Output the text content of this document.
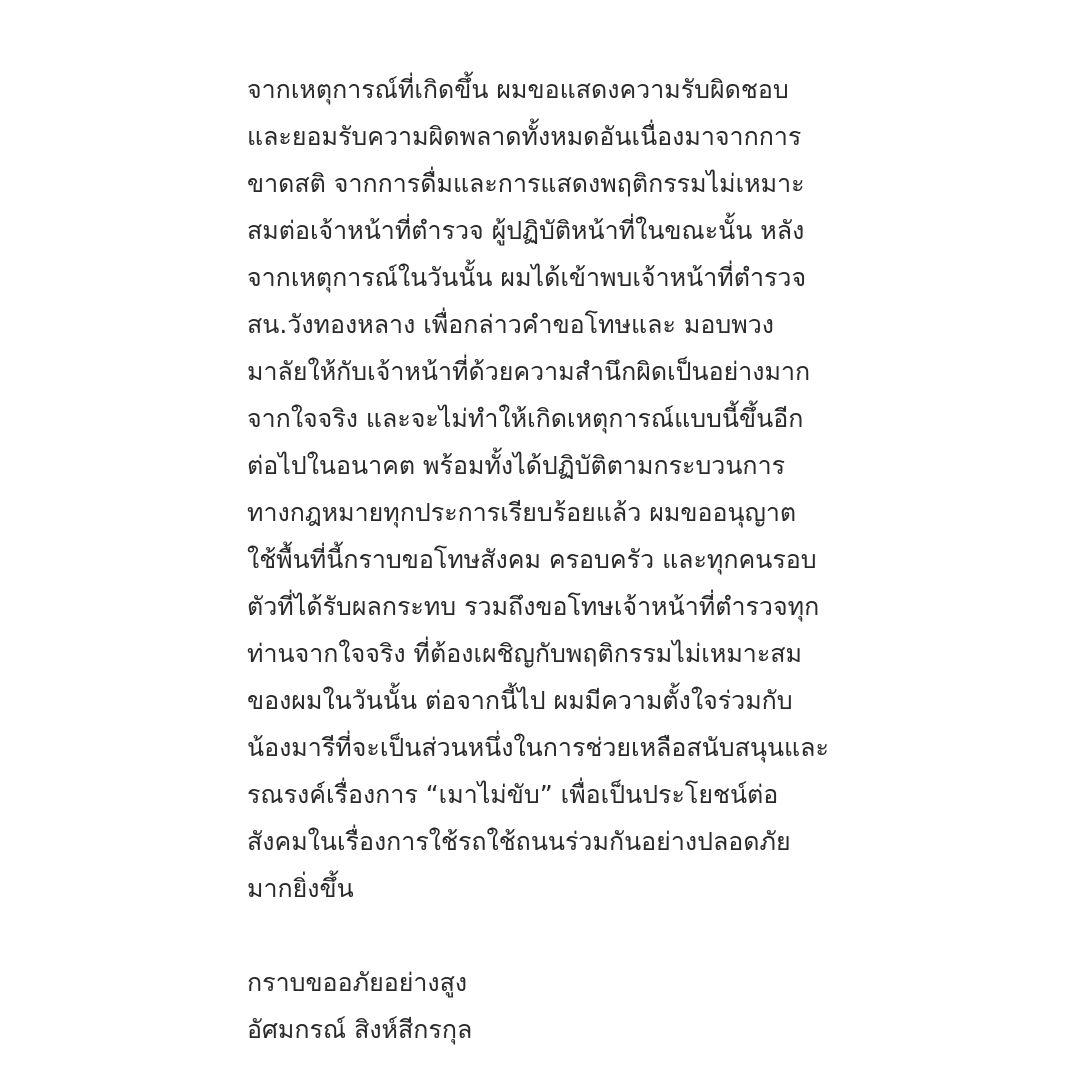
จากเหตุการณ์ที่เกิดขึ้น ผมขอแสดงความรับผิดชอบ
และยอมรับความผิดพลาดทั้งหมดอันเนื่องมาจากการ
ขาดสติ จากการดื่มและการแสดงพฤติกรรมไม่เหมาะ
สมต่อเจ้าหน้าที่ตำรวจ ผู้ปฏิบัติหน้าที่ในขณะนั้น หลัง
จากเหตุการณ์ในวันนั้น ผมได้เข้าพบเจ้าหน้าที่ตำรวจ
สน.วังทองหลาง เพื่อกล่าวคำขอโทษและ มอบพวง
มาลัยให้กับเจ้าหน้าที่ด้วยความสำนึกผิดเป็นอย่างมาก
จากใจจริง และจะไม่ทำให้เกิดเหตุการณ์แบบนี้ขึ้นอีก
ต่อไปในอนาคต พร้อมทั้งได้ปฏิบัติตามกระบวนการ
ทางกฎหมายทุกประการเรียบร้อยแล้ว ผมขออนุญาต
ใช้พื้นที่นี้กราบขอโทษสังคม ครอบครัว และทุกคนรอบ
ตัวที่ได้รับผลกระทบ รวมถึงขอโทษเจ้าหน้าที่ตำรวจทุก
ท่านจากใจจริง ที่ต้องเผชิญกับพฤติกรรมไม่เหมาะสม
ของผมในวันนั้น ต่อจากนี้ไป ผมมีความตั้งใจร่วมกับ
น้องมารีที่จะเป็นส่วนหนึ่งในการช่วยเหลือสนับสนุนและ
รณรงค์เรื่องการ “เมาไม่ขับ” เพื่อเป็นประโยชน์ต่อ
สังคมในเรื่องการใช้รถใช้ถนนร่วมกันอย่างปลอดภัย
มากยิ่งขึ้น
กราบขออภัยอย่างสูง
อัศมกรณ์ สิงห์สีกรกุล
